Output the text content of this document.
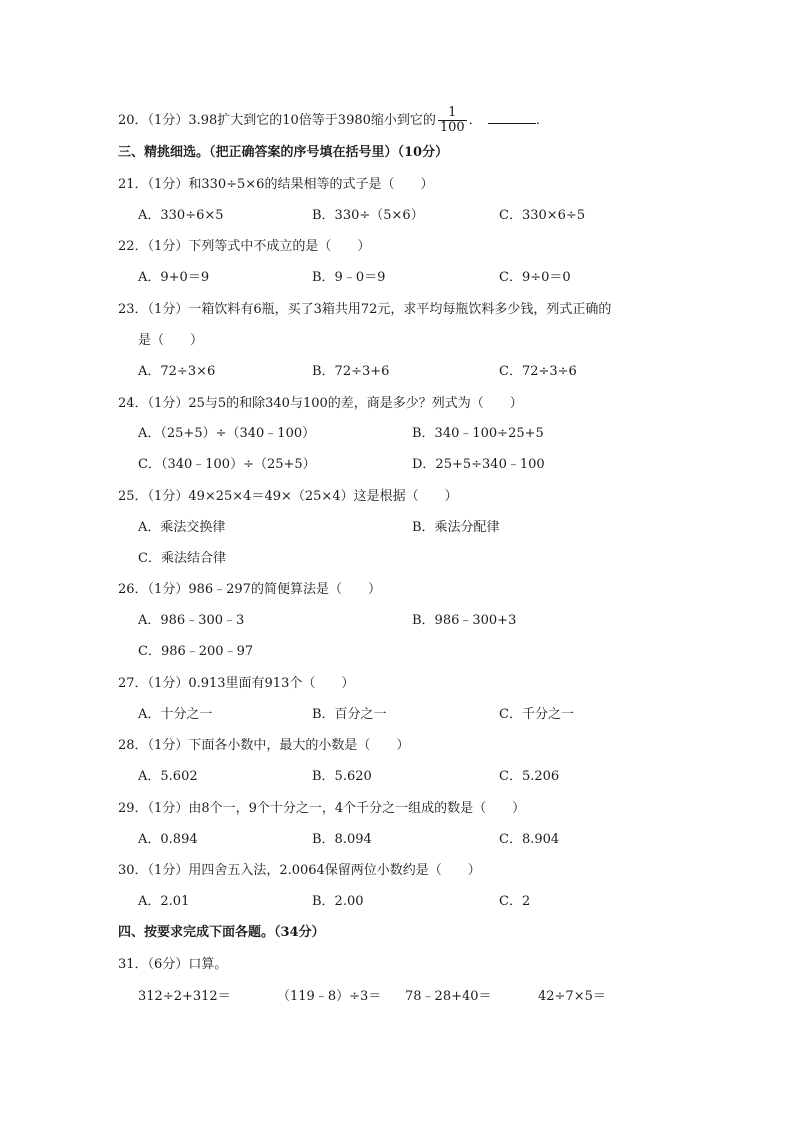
20．（1分）3.98扩大到它的10倍等于3980缩小到它的 $\frac{1}{100}$ ．	.
三、精挑细选。（把正确答案的序号填在括号里）（10分）
21．（1分）和330÷5×6的结果相等的式子是（　　）
A．330÷6×5	B．330÷（5×6）	C．330×6÷5
22．（1分）下列等式中不成立的是（　　）
A．9+0＝9	B．9﹣0＝9	C．9÷0＝0
23．（1分）一箱饮料有6瓶，买了3箱共用72元，求平均每瓶饮料多少钱，列式正确的
是（　　）
A．72÷3×6	B．72÷3+6	C．72÷3÷6
24．（1分）25与5的和除340与100的差，商是多少？列式为（　　）
A．（25+5）÷（340﹣100）	B．340﹣100÷25+5
C．（340﹣100）÷（25+5）	D．25+5÷340﹣100
25．（1分）49×25×4＝49×（25×4）这是根据（　　）
A．乘法交换律	B．乘法分配律
C．乘法结合律
26．（1分）986﹣297的简便算法是（　　）
A．986﹣300﹣3	B．986﹣300+3
C．986﹣200﹣97
27．（1分）0.913里面有913个（　　）
A．十分之一	B．百分之一	C．千分之一
28．（1分）下面各小数中，最大的小数是（　　）
A．5.602	B．5.620	C．5.206
29．（1分）由8个一，9个十分之一，4个千分之一组成的数是（　　）
A．0.894	B．8.094	C．8.904
30．（1分）用四舍五入法，2.0064保留两位小数约是（　　）
A．2.01	B．2.00	C．2
四、按要求完成下面各题。（34分）
31．（6分）口算。
312÷2+312＝	（119﹣8）÷3＝ 78﹣28+40＝	42÷7×5＝
